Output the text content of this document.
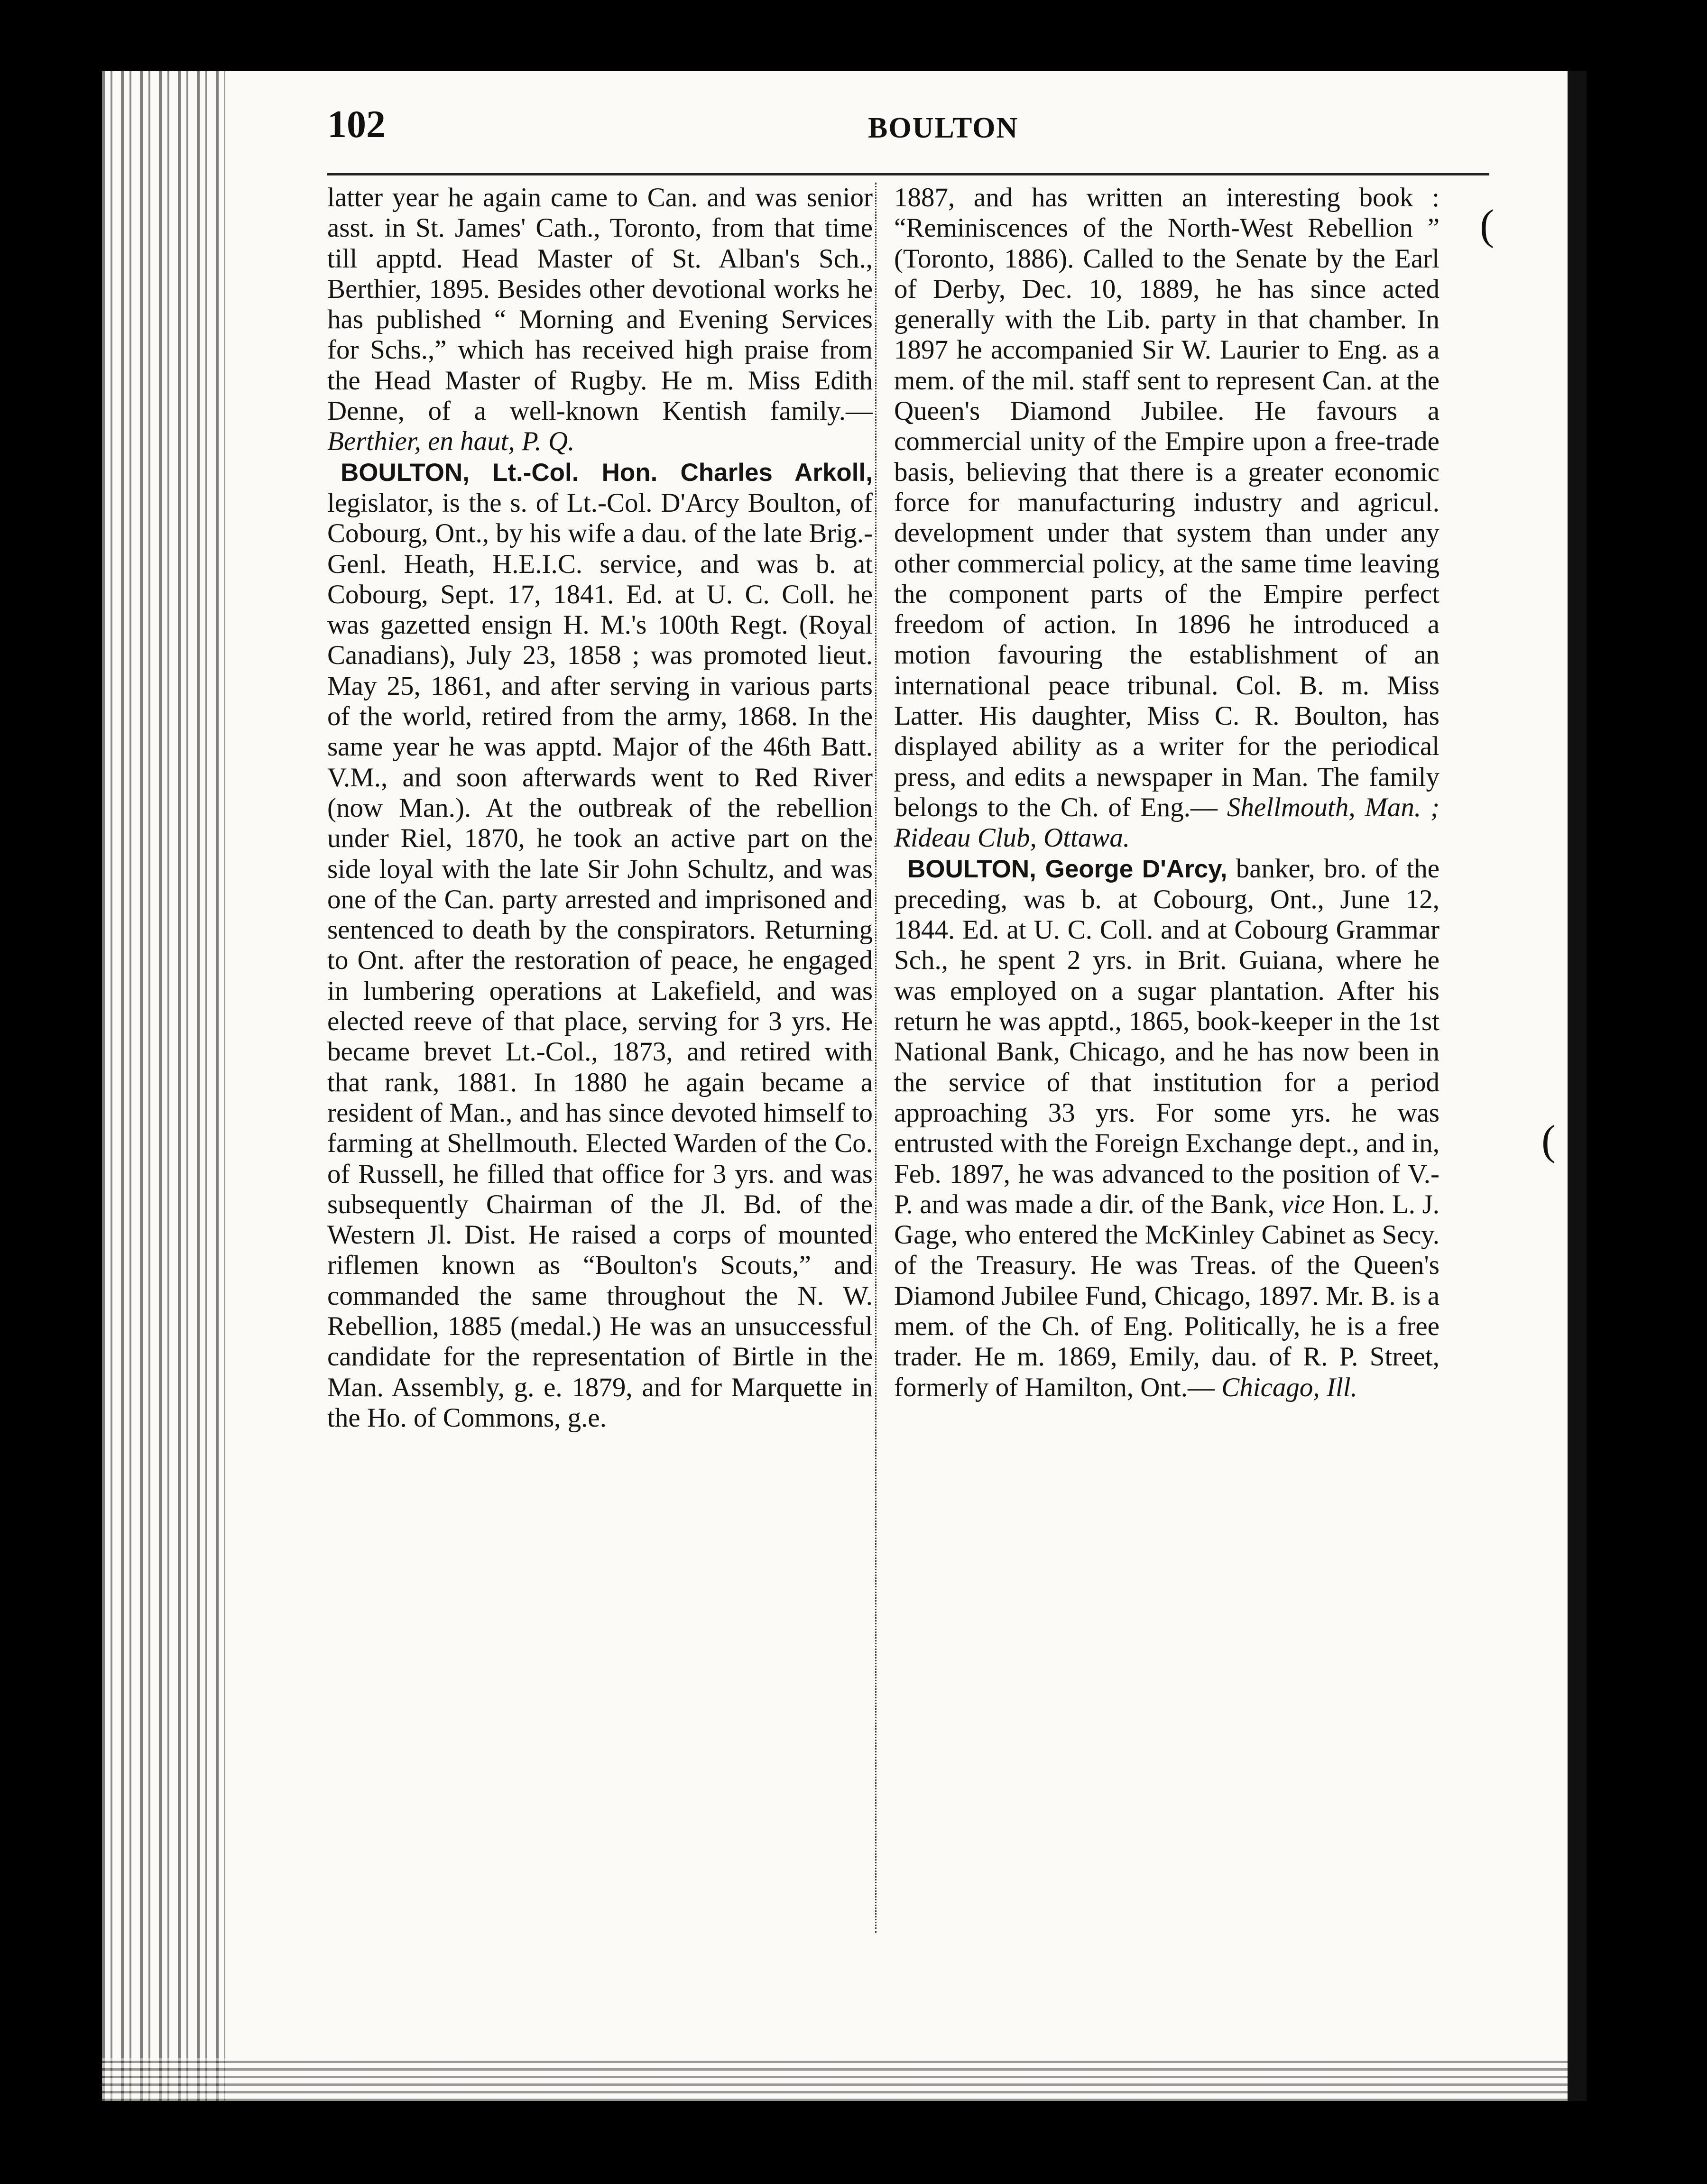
102	BOULTON
(
(

latter year he again came to Can. and was senior asst. in St. James' Cath., Toronto, from that time till apptd. Head Master of St. Alban's Sch., Berthier, 1895. Besides other devotional works he has published “ Morning and Evening Services for Schs.,” which has received high praise from the Head Master of Rugby. He m. Miss Edith Denne, of a well-known Kentish family.— Berthier, en haut, P. Q.

BOULTON, Lt.-Col. Hon. Charles Arkoll, legislator, is the s. of Lt.-Col. D'Arcy Boulton, of Cobourg, Ont., by his wife a dau. of the late Brig.-Genl. Heath, H.E.I.C. service, and was b. at Cobourg, Sept. 17, 1841. Ed. at U. C. Coll. he was gazetted ensign H. M.'s 100th Regt. (Royal Canadians), July 23, 1858 ; was promoted lieut. May 25, 1861, and after serving in various parts of the world, retired from the army, 1868. In the same year he was apptd. Major of the 46th Batt. V.M., and soon afterwards went to Red River (now Man.). At the outbreak of the rebellion under Riel, 1870, he took an active part on the side loyal with the late Sir John Schultz, and was one of the Can. party arrested and imprisoned and sentenced to death by the conspirators. Returning to Ont. after the restoration of peace, he engaged in lumbering operations at Lakefield, and was elected reeve of that place, serving for 3 yrs. He became brevet Lt.-Col., 1873, and retired with that rank, 1881. In 1880 he again became a resident of Man., and has since devoted himself to farming at Shellmouth. Elected Warden of the Co. of Russell, he filled that office for 3 yrs. and was subsequently Chairman of the Jl. Bd. of the Western Jl. Dist. He raised a corps of mounted riflemen known as “Boulton's Scouts,” and commanded the same throughout the N. W. Rebellion, 1885 (medal.) He was an unsuccessful candidate for the representation of Birtle in the Man. Assembly, g. e. 1879, and for Marquette in the Ho. of Commons, g.e.

1887, and has written an interesting book : “Reminiscences of the North-West Rebellion ” (Toronto, 1886). Called to the Senate by the Earl of Derby, Dec. 10, 1889, he has since acted generally with the Lib. party in that chamber. In 1897 he accompanied Sir W. Laurier to Eng. as a mem. of the mil. staff sent to represent Can. at the Queen's Diamond Jubilee. He favours a commercial unity of the Empire upon a free-trade basis, believing that there is a greater economic force for manufacturing industry and agricul. development under that system than under any other commercial policy, at the same time leaving the component parts of the Empire perfect freedom of action. In 1896 he introduced a motion favouring the establishment of an international peace tribunal. Col. B. m. Miss Latter. His daughter, Miss C. R. Boulton, has displayed ability as a writer for the periodical press, and edits a newspaper in Man. The family belongs to the Ch. of Eng.— Shellmouth, Man. ; Rideau Club, Ottawa.

BOULTON, George D'Arcy, banker, bro. of the preceding, was b. at Cobourg, Ont., June 12, 1844. Ed. at U. C. Coll. and at Cobourg Grammar Sch., he spent 2 yrs. in Brit. Guiana, where he was employed on a sugar plantation. After his return he was apptd., 1865, book-keeper in the 1st National Bank, Chicago, and he has now been in the service of that institution for a period approaching 33 yrs. For some yrs. he was entrusted with the Foreign Exchange dept., and in, Feb. 1897, he was advanced to the position of V.-P. and was made a dir. of the Bank, vice Hon. L. J. Gage, who entered the McKinley Cabinet as Secy. of the Treasury. He was Treas. of the Queen's Diamond Jubilee Fund, Chicago, 1897. Mr. B. is a mem. of the Ch. of Eng. Politically, he is a free trader. He m. 1869, Emily, dau. of R. P. Street, formerly of Hamilton, Ont.— Chicago, Ill.
